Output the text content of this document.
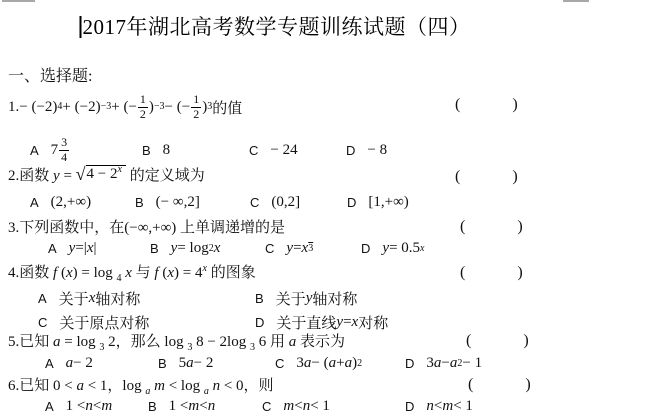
2017年湖北高考数学专题训练试题（四）
一、选择题:
1.− (−2) 4 + (−2) −3 + (− $\frac{1}{2}$ ) −3 − (− $\frac{1}{2}$ ) 3 的值	(	)
A $7 \frac{3}{4}$	B 8	C − 24	D − 8
2.函数 y = √ $4 - 2^x$ 的定义域为	(	)
A (2,+∞)	B (− ∞,2]	C (0,2]	D [1,+∞)
3.下列函数中，在(−∞,+∞) 上单调递增的是	(	)
A y =| x |	B y = log 2 x	C y = x 3	D y = 0.5 x
4.函数 f (x) = log $_4$ x 与 f $(x) = 4^x$ 的图象	(	)
A 关于 x 轴对称	B 关于 y 轴对称
C 关于原点对称	D 关于直线 y = x 对称
5.已知 a = log $_3$ 2，那么 log $_3$ 8 − 2log $_3$ 6 用 a 表示为	(	)
A a − 2	B 5 a − 2	C 3 a − ( a + a ) 2	D 3 a − a 2 − 1
6.已知 0 < a < 1，log $_a$ m < log $_a$ n < 0，则	(	)
A 1 < n < m	B 1 < m < n	C m < n < 1	D n < m < 1
